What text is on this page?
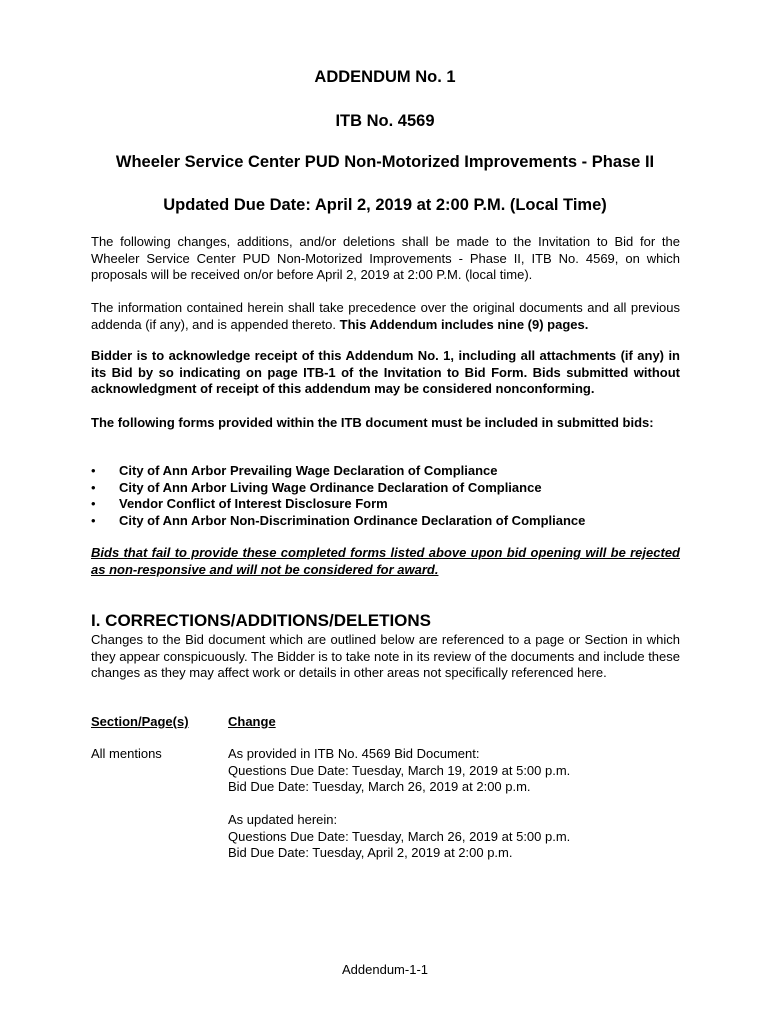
ADDENDUM No. 1
ITB No. 4569
Wheeler Service Center PUD Non-Motorized Improvements - Phase II
Updated Due Date: April 2, 2019 at 2:00 P.M. (Local Time)

The following changes, additions, and/or deletions shall be made to the Invitation to Bid for the Wheeler Service Center PUD Non-Motorized Improvements - Phase II, ITB No. 4569, on which proposals will be received on/or before April 2, 2019 at 2:00 P.M. (local time).

The information contained herein shall take precedence over the original documents and all previous addenda (if any), and is appended thereto. This Addendum includes nine (9) pages.

Bidder is to acknowledge receipt of this Addendum No. 1, including all attachments (if any) in its Bid by so indicating on page ITB-1 of the Invitation to Bid Form. Bids submitted without acknowledgment of receipt of this addendum may be considered nonconforming.

The following forms provided within the ITB document must be included in submitted bids:

• City of Ann Arbor Prevailing Wage Declaration of Compliance
• City of Ann Arbor Living Wage Ordinance Declaration of Compliance
• Vendor Conflict of Interest Disclosure Form
• City of Ann Arbor Non-Discrimination Ordinance Declaration of Compliance

Bids that fail to provide these completed forms listed above upon bid opening will be rejected as non-responsive and will not be considered for award.

I. CORRECTIONS/ADDITIONS/DELETIONS

Changes to the Bid document which are outlined below are referenced to a page or Section in which they appear conspicuously. The Bidder is to take note in its review of the documents and include these changes as they may affect work or details in other areas not specifically referenced here.

Section/Page(s)	Change
All mentions	As provided in ITB No. 4569 Bid Document:
Questions Due Date: Tuesday, March 19, 2019 at 5:00 p.m.
Bid Due Date: Tuesday, March 26, 2019 at 2:00 p.m.
As updated herein:
Questions Due Date: Tuesday, March 26, 2019 at 5:00 p.m.
Bid Due Date: Tuesday, April 2, 2019 at 2:00 p.m.
Addendum-1-1
